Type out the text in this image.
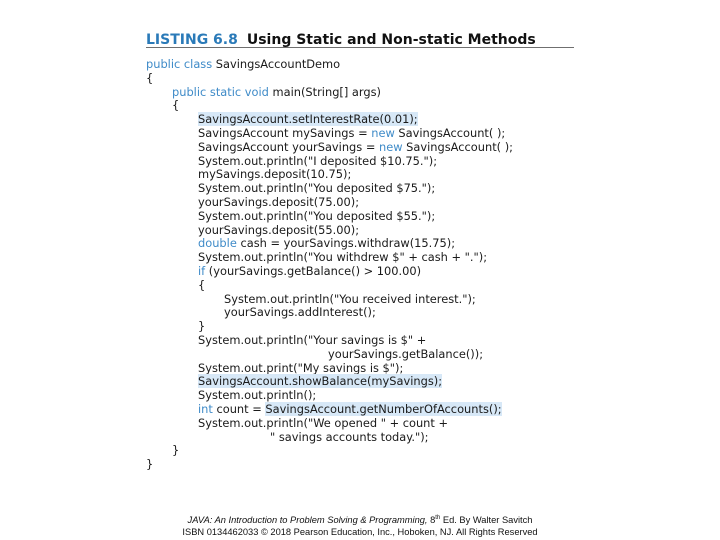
LISTING 6.8 Using Static and Non-static Methods
public class SavingsAccountDemo
{
public static void main(String[] args)
{
SavingsAccount.setInterestRate(0.01);
SavingsAccount mySavings = new SavingsAccount( );
SavingsAccount yourSavings = new SavingsAccount( );
System.out.println("I deposited $10.75.");
mySavings.deposit(10.75);
System.out.println("You deposited $75.");
yourSavings.deposit(75.00);
System.out.println("You deposited $55.");
yourSavings.deposit(55.00);
double cash = yourSavings.withdraw(15.75);
System.out.println("You withdrew $" + cash + ".");
if (yourSavings.getBalance() > 100.00)
{
System.out.println("You received interest.");
yourSavings.addInterest();
}
System.out.println("Your savings is $" +
yourSavings.getBalance());
System.out.print("My savings is $");
SavingsAccount.showBalance(mySavings);
System.out.println();
int count = SavingsAccount.getNumberOfAccounts();
System.out.println("We opened " + count +
" savings accounts today.");
}
}
JAVA: An Introduction to Problem Solving & Programming, 8th Ed. By Walter Savitch
ISBN 0134462033 © 2018 Pearson Education, Inc., Hoboken, NJ. All Rights Reserved
